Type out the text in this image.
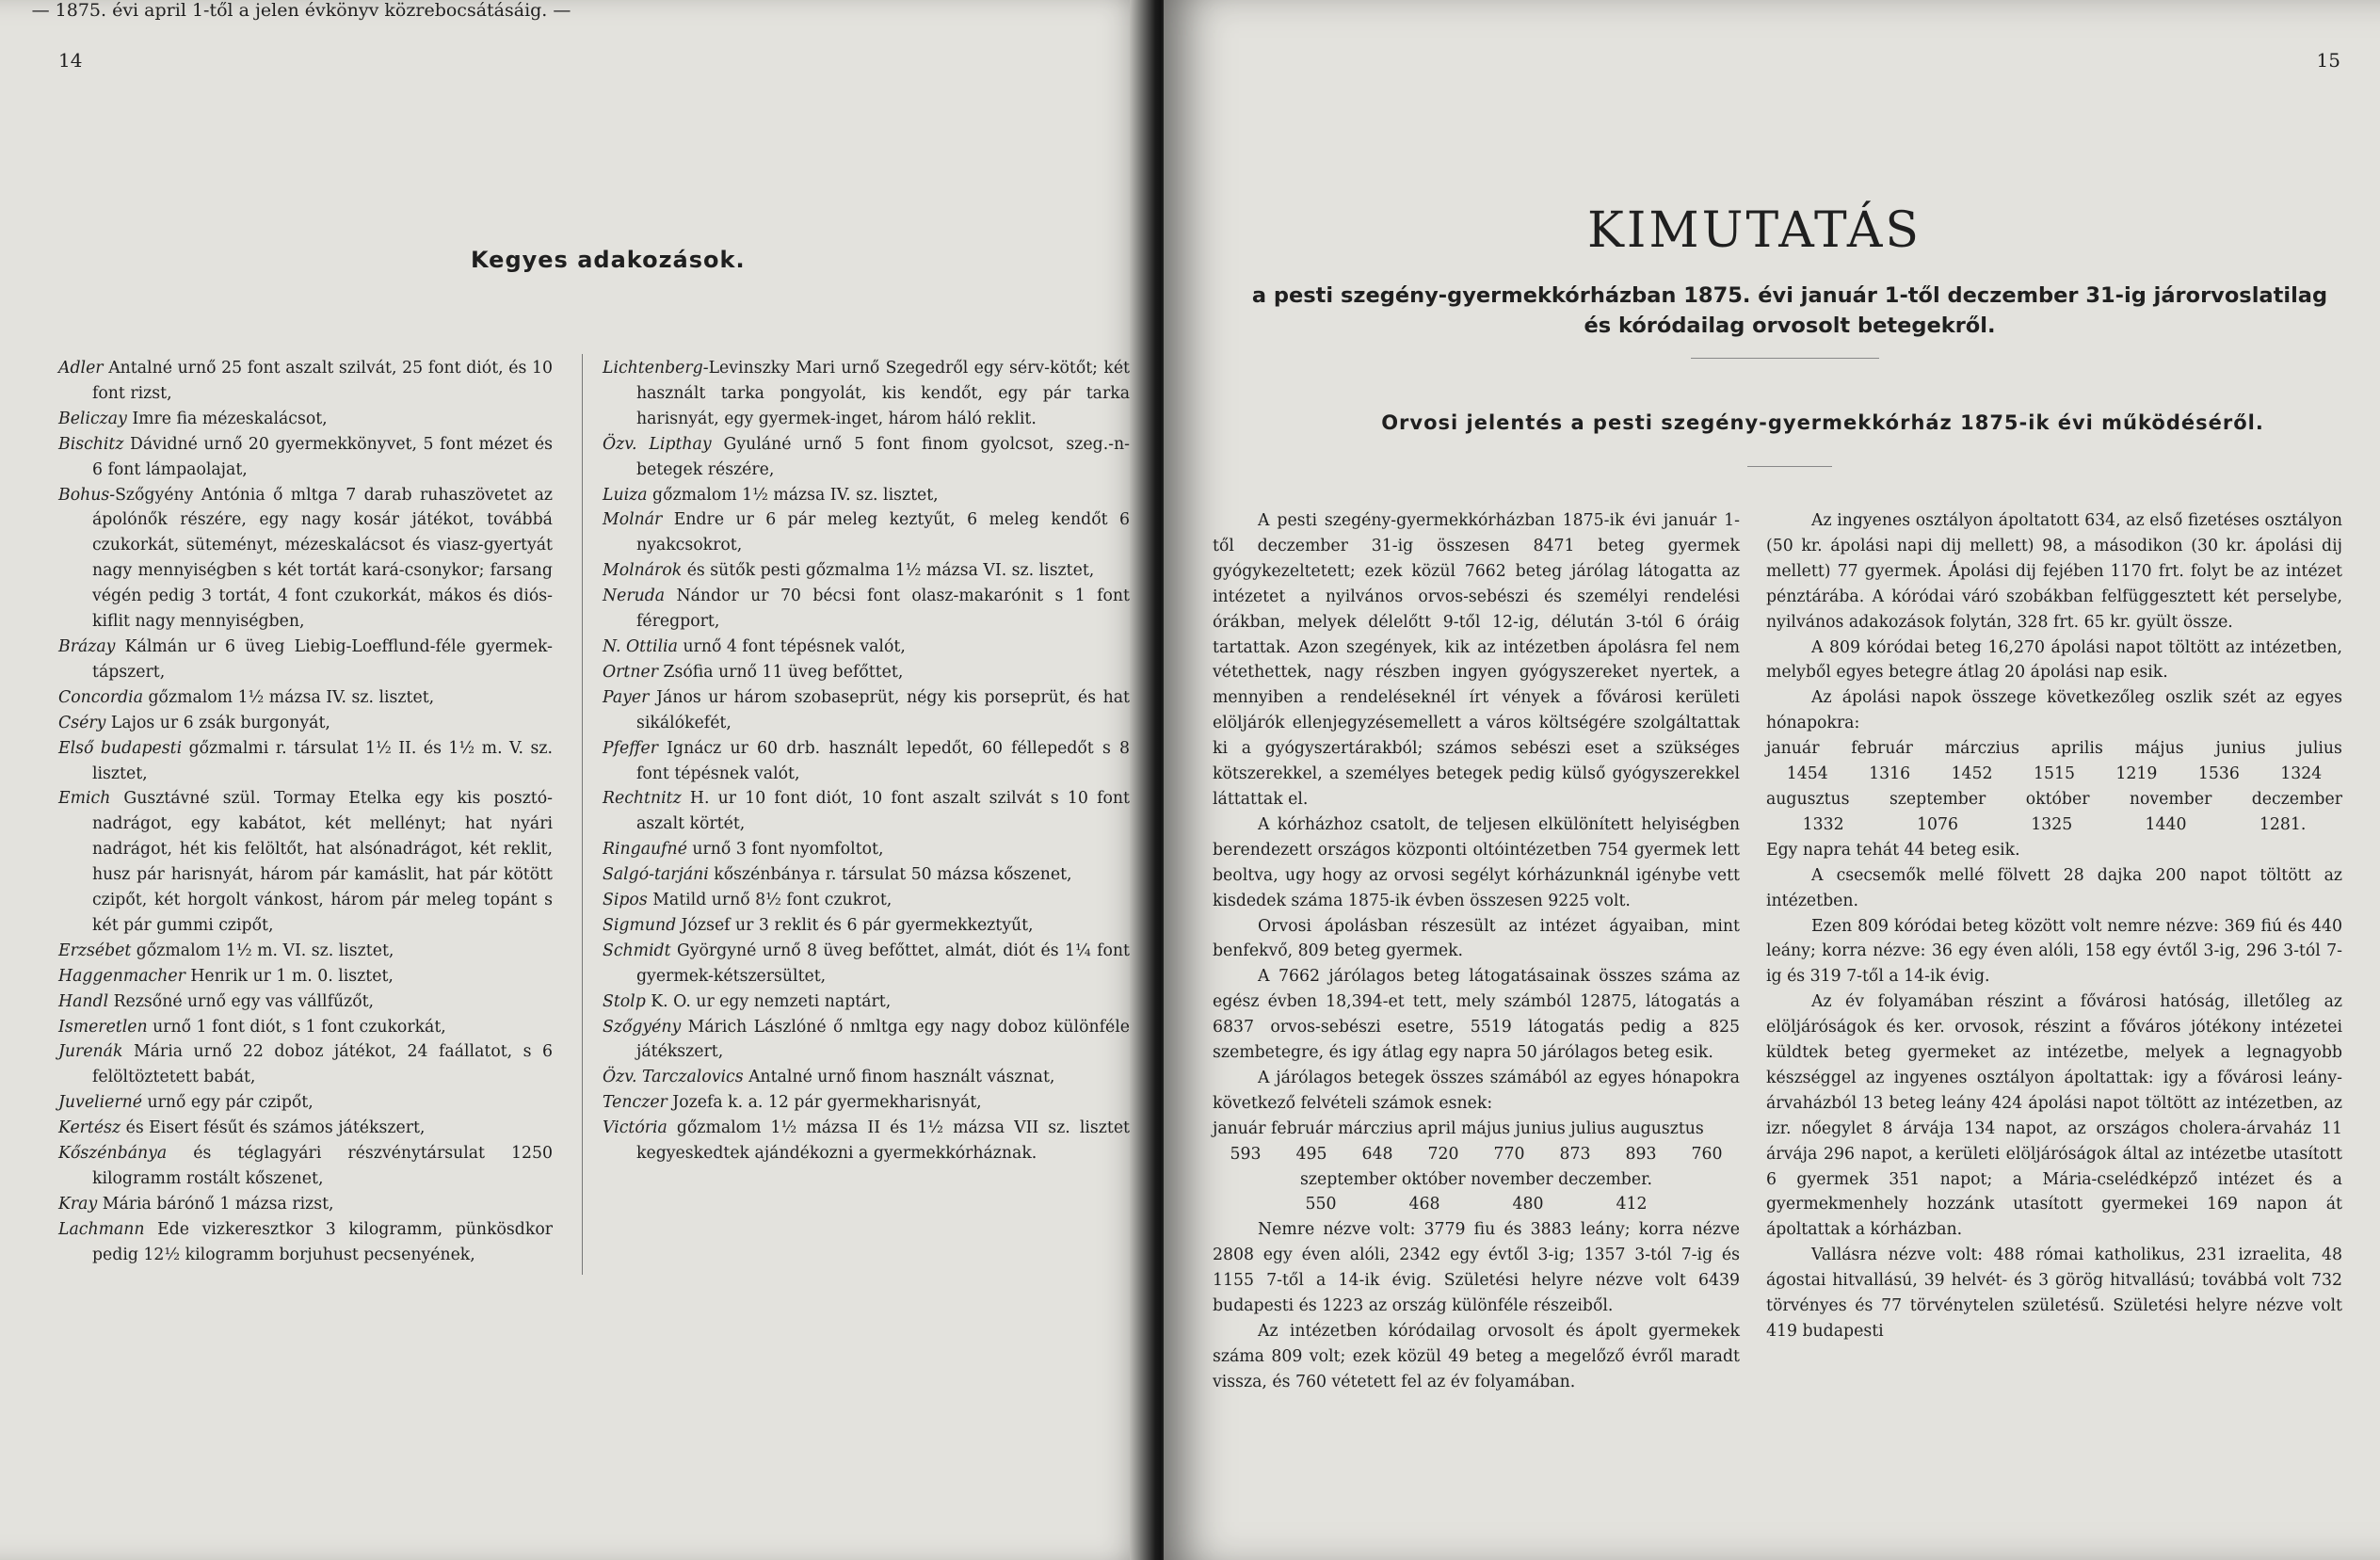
14
Kegyes adakozások.
— 1875. évi april 1-től a jelen évkönyv közrebocsátásáig. —

Adler Antalné urnő 25 font aszalt szilvát, 25 font diót, és 10 font rizst,

Beliczay Imre fia mézeskalácsot,

Bischitz Dávidné urnő 20 gyermekkönyvet, 5 font mézet és 6 font lámpaolajat,

Bohus-Szőgyény Antónia ő mltga 7 darab ruhaszövetet az ápolónők részére, egy nagy kosár játékot, továbbá czukorkát, süteményt, mézeskalácsot és viasz-gyertyát nagy mennyiségben s két tortát kará-csonykor; farsang végén pedig 3 tortát, 4 font czukorkát, mákos és diós-kiflit nagy mennyiségben,

Brázay Kálmán ur 6 üveg Liebig-Loefflund-féle gyermek-tápszert,

Concordia gőzmalom 1½ mázsa IV. sz. lisztet,

Cséry Lajos ur 6 zsák burgonyát,

Első budapesti gőzmalmi r. társulat 1½ II. és 1½ m. V. sz. lisztet,

Emich Gusztávné szül. Tormay Etelka egy kis posztó-nadrágot, egy kabátot, két mellényt; hat nyári nadrágot, hét kis felöltőt, hat alsónadrágot, két reklit, husz pár harisnyát, három pár kamáslit, hat pár kötött czipőt, két horgolt vánkost, három pár meleg topánt s két pár gummi czipőt,

Erzsébet gőzmalom 1½ m. VI. sz. lisztet,

Haggenmacher Henrik ur 1 m. 0. lisztet,

Handl Rezsőné urnő egy vas vállfűzőt,

Ismeretlen urnő 1 font diót, s 1 font czukorkát,

Jurenák Mária urnő 22 doboz játékot, 24 faállatot, s 6 felöltöztetett babát,

Juvelierné urnő egy pár czipőt,

Kertész és Eisert fésűt és számos játékszert,

Kőszénbánya és téglagyári részvénytársulat 1250 kilogramm rostált kőszenet,

Kray Mária bárónő 1 mázsa rizst,

Lachmann Ede vizkeresztkor 3 kilogramm, pünkösdkor pedig 12½ kilogramm borjuhust pecsenyének,

Lichtenberg-Levinszky Mari urnő Szegedről egy sérv-kötőt; két használt tarka pongyolát, kis kendőt, egy pár tarka harisnyát, egy gyermek-inget, három háló reklit.

Özv. Lipthay Gyuláné urnő 5 font finom gyolcsot, szeg.-n-betegek részére,

Luiza gőzmalom 1½ mázsa IV. sz. lisztet,

Molnár Endre ur 6 pár meleg keztyűt, 6 meleg kendőt 6 nyakcsokrot,

Molnárok és sütők pesti gőzmalma 1½ mázsa VI. sz. lisztet,

Neruda Nándor ur 70 bécsi font olasz-makarónit s 1 font féregport,

N. Ottilia urnő 4 font tépésnek valót,

Ortner Zsófia urnő 11 üveg befőttet,

Payer János ur három szobaseprüt, négy kis porseprüt, és hat sikálókefét,

Pfeffer Ignácz ur 60 drb. használt lepedőt, 60 féllepedőt s 8 font tépésnek valót,

Rechtnitz H. ur 10 font diót, 10 font aszalt szilvát s 10 font aszalt körtét,

Ringaufné urnő 3 font nyomfoltot,

Salgó-tarjáni kőszénbánya r. társulat 50 mázsa kőszenet,

Sipos Matild urnő 8½ font czukrot,

Sigmund József ur 3 reklit és 6 pár gyermekkeztyűt,

Schmidt Györgyné urnő 8 üveg befőttet, almát, diót és 1¼ font gyermek-kétszersültet,

Stolp K. O. ur egy nemzeti naptárt,

Szőgyény Márich Lászlóné ő nmltga egy nagy doboz különféle játékszert,

Özv. Tarczalovics Antalné urnő finom használt vásznat,

Tenczer Jozefa k. a. 12 pár gyermekharisnyát,

Victória gőzmalom 1½ mázsa II és 1½ mázsa VII sz. lisztet kegyeskedtek ajándékozni a gyermekkórháznak.

15
KIMUTATÁS
a pesti szegény-gyermekkórházban 1875. évi január 1-től deczember 31-ig járorvoslatilag és kóródailag orvosolt betegekről.
Orvosi jelentés a pesti szegény-gyermekkórház 1875-ik évi működéséről.

A pesti szegény-gyermekkórházban 1875-ik évi január 1-től deczember 31-ig összesen 8471 beteg gyermek gyógykezeltetett; ezek közül 7662 beteg járólag látogatta az intézetet a nyilvános orvos-sebészi és személyi rendelési órákban, melyek délelőtt 9-től 12-ig, délután 3-tól 6 óráig tartattak. Azon szegények, kik az intézetben ápolásra fel nem vétethettek, nagy részben ingyen gyógyszereket nyertek, a mennyiben a rendeléseknél írt vények a fővárosi kerületi elöljárók ellenjegyzésemellett a város költségére szolgáltattak ki a gyógyszertárakból; számos sebészi eset a szükséges kötszerekkel, a személyes betegek pedig külső gyógyszerekkel láttattak el.

A kórházhoz csatolt, de teljesen elkülönített helyiségben berendezett országos központi oltóintézetben 754 gyermek lett beoltva, ugy hogy az orvosi segélyt kórházunknál igénybe vett kisdedek száma 1875-ik évben összesen 9225 volt.

Orvosi ápolásban részesült az intézet ágyaiban, mint benfekvő, 809 beteg gyermek.

A 7662 járólagos beteg látogatásainak összes száma az egész évben 18,394-et tett, mely számból 12875, látogatás a 6837 orvos-sebészi esetre, 5519 látogatás pedig a 825 szembetegre, és igy átlag egy napra 50 járólagos beteg esik.

A járólagos betegek összes számából az egyes hónapokra következő felvételi számok esnek:

január február márczius april május junius julius augusztus

593 495 648 720 770 873 893 760

szeptember október november deczember.

550	468	480	412

Nemre nézve volt: 3779 fiu és 3883 leány; korra nézve 2808 egy éven alóli, 2342 egy évtől 3-ig; 1357 3-tól 7-ig és 1155 7-től a 14-ik évig. Születési helyre nézve volt 6439 budapesti és 1223 az ország különféle részeiből.

Az intézetben kóródailag orvosolt és ápolt gyermekek száma 809 volt; ezek közül 49 beteg a megelőző évről maradt vissza, és 760 vétetett fel az év folyamában.

Az ingyenes osztályon ápoltatott 634, az első fizetéses osztályon (50 kr. ápolási napi dij mellett) 98, a másodikon (30 kr. ápolási dij mellett) 77 gyermek. Ápolási dij fejében 1170 frt. folyt be az intézet pénztárába. A kóródai váró szobákban felfüggesztett két perselybe, nyilvános adakozások folytán, 328 frt. 65 kr. gyült össze.

A 809 kóródai beteg 16,270 ápolási napot töltött az intézetben, melyből egyes betegre átlag 20 ápolási nap esik.

Az ápolási napok összege következőleg oszlik szét az egyes hónapokra:

január február márczius aprilis május junius julius
1454	1316	1452	1515	1219	1536	1324
augusztus szeptember október november deczember
1332	1076	1325	1440	1281.

Egy napra tehát 44 beteg esik.

A csecsemők mellé fölvett 28 dajka 200 napot töltött az intézetben.

Ezen 809 kóródai beteg között volt nemre nézve: 369 fiú és 440 leány; korra nézve: 36 egy éven alóli, 158 egy évtől 3-ig, 296 3-tól 7-ig és 319 7-től a 14-ik évig.

Az év folyamában részint a fővárosi hatóság, illetőleg az elöljáróságok és ker. orvosok, részint a főváros jótékony intézetei küldtek beteg gyermeket az intézetbe, melyek a legnagyobb készséggel az ingyenes osztályon ápoltattak: igy a fővárosi leány-árvaházból 13 beteg leány 424 ápolási napot töltött az intézetben, az izr. nőegylet 8 árvája 134 napot, az országos cholera-árvaház 11 árvája 296 napot, a kerületi elöljáróságok által az intézetbe utasított 6 gyermek 351 napot; a Mária-cselédképző intézet és a gyermekmenhely hozzánk utasított gyermekei 169 napon át ápoltattak a kórházban.

Vallásra nézve volt: 488 római katholikus, 231 izraelita, 48 ágostai hitvallású, 39 helvét- és 3 görög hitvallású; továbbá volt 732 törvényes és 77 törvénytelen születésű. Születési helyre nézve volt 419 budapesti
